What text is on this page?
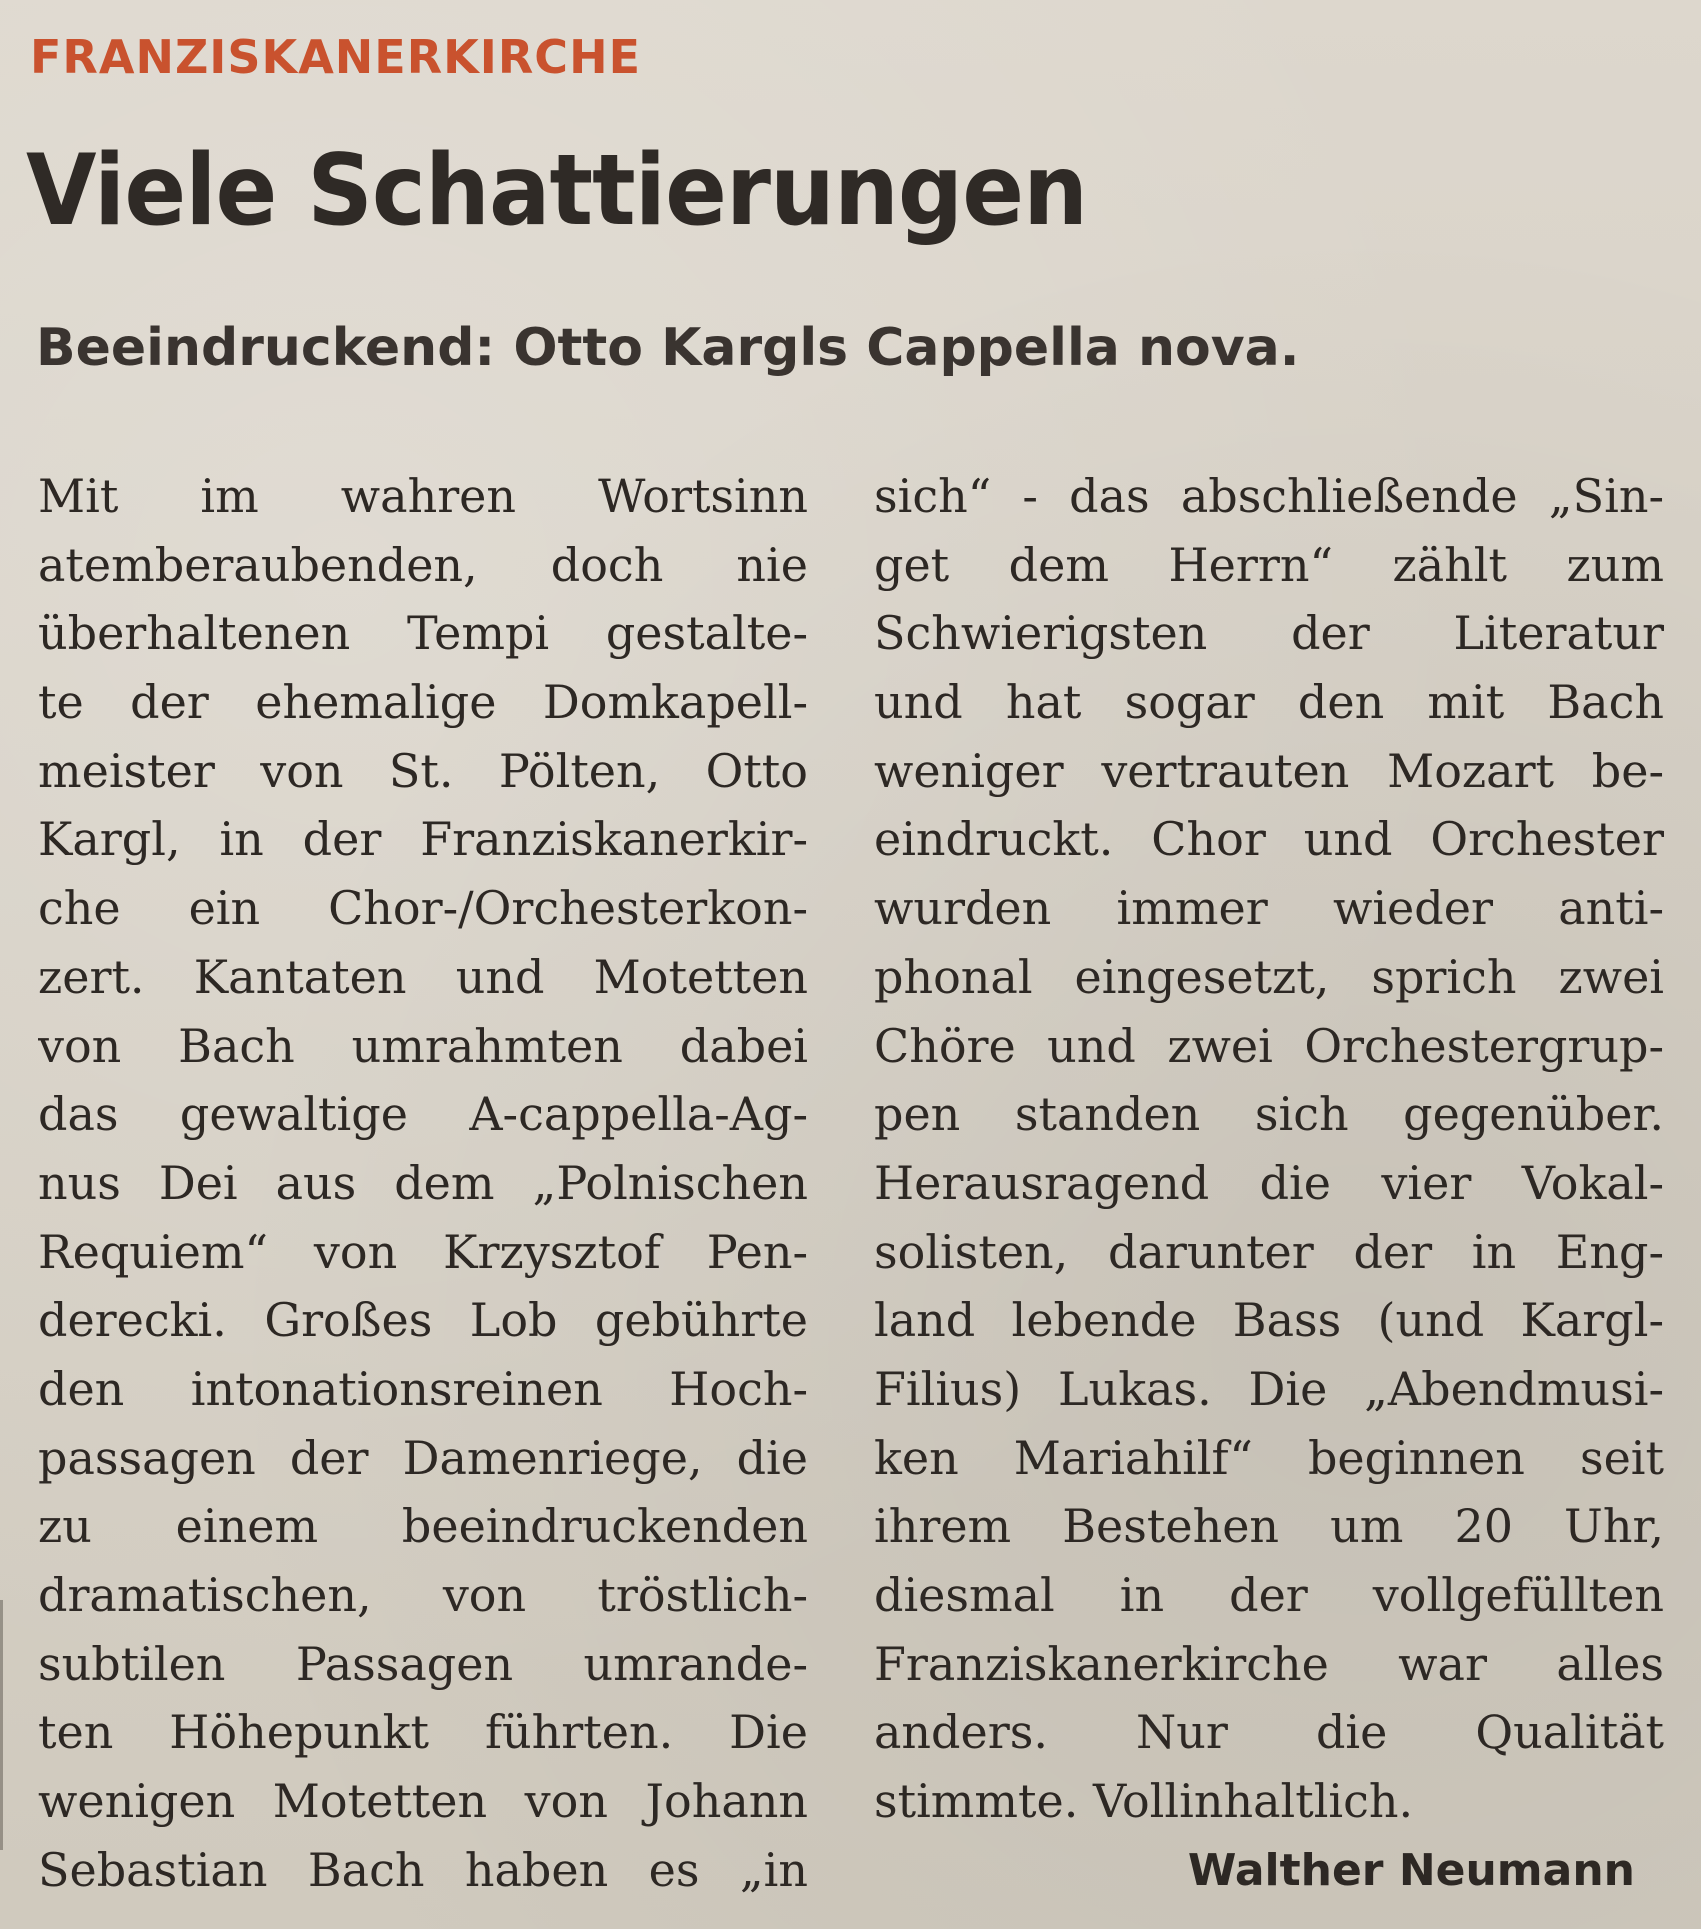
FRANZISKANERKIRCHE
Viele Schattierungen
Beeindruckend: Otto Kargls Cappella nova.
Mit im wahren Wortsinn
atemberaubenden, doch nie
überhaltenen Tempi gestalte-
te der ehemalige Domkapell-
meister von St. Pölten, Otto
Kargl, in der Franziskanerkir-
che ein Chor-/Orchesterkon-
zert. Kantaten und Motetten
von Bach umrahmten dabei
das gewaltige A-cappella-Ag-
nus Dei aus dem „Polnischen
Requiem“ von Krzysztof Pen-
derecki. Großes Lob gebührte
den intonationsreinen Hoch-
passagen der Damenriege, die
zu einem beeindruckenden
dramatischen, von tröstlich-
subtilen Passagen umrande-
ten Höhepunkt führten. Die
wenigen Motetten von Johann
Sebastian Bach haben es „in
sich“ - das abschließende „Sin-
get dem Herrn“ zählt zum
Schwierigsten der Literatur
und hat sogar den mit Bach
weniger vertrauten Mozart be-
eindruckt. Chor und Orchester
wurden immer wieder anti-
phonal eingesetzt, sprich zwei
Chöre und zwei Orchestergrup-
pen standen sich gegenüber.
Herausragend die vier Vokal-
solisten, darunter der in Eng-
land lebende Bass (und Kargl-
Filius) Lukas. Die „Abendmusi-
ken Mariahilf“ beginnen seit
ihrem Bestehen um 20 Uhr,
diesmal in der vollgefüllten
Franziskanerkirche war alles
anders. Nur die Qualität
stimmte. Vollinhaltlich.

Walther Neumann
